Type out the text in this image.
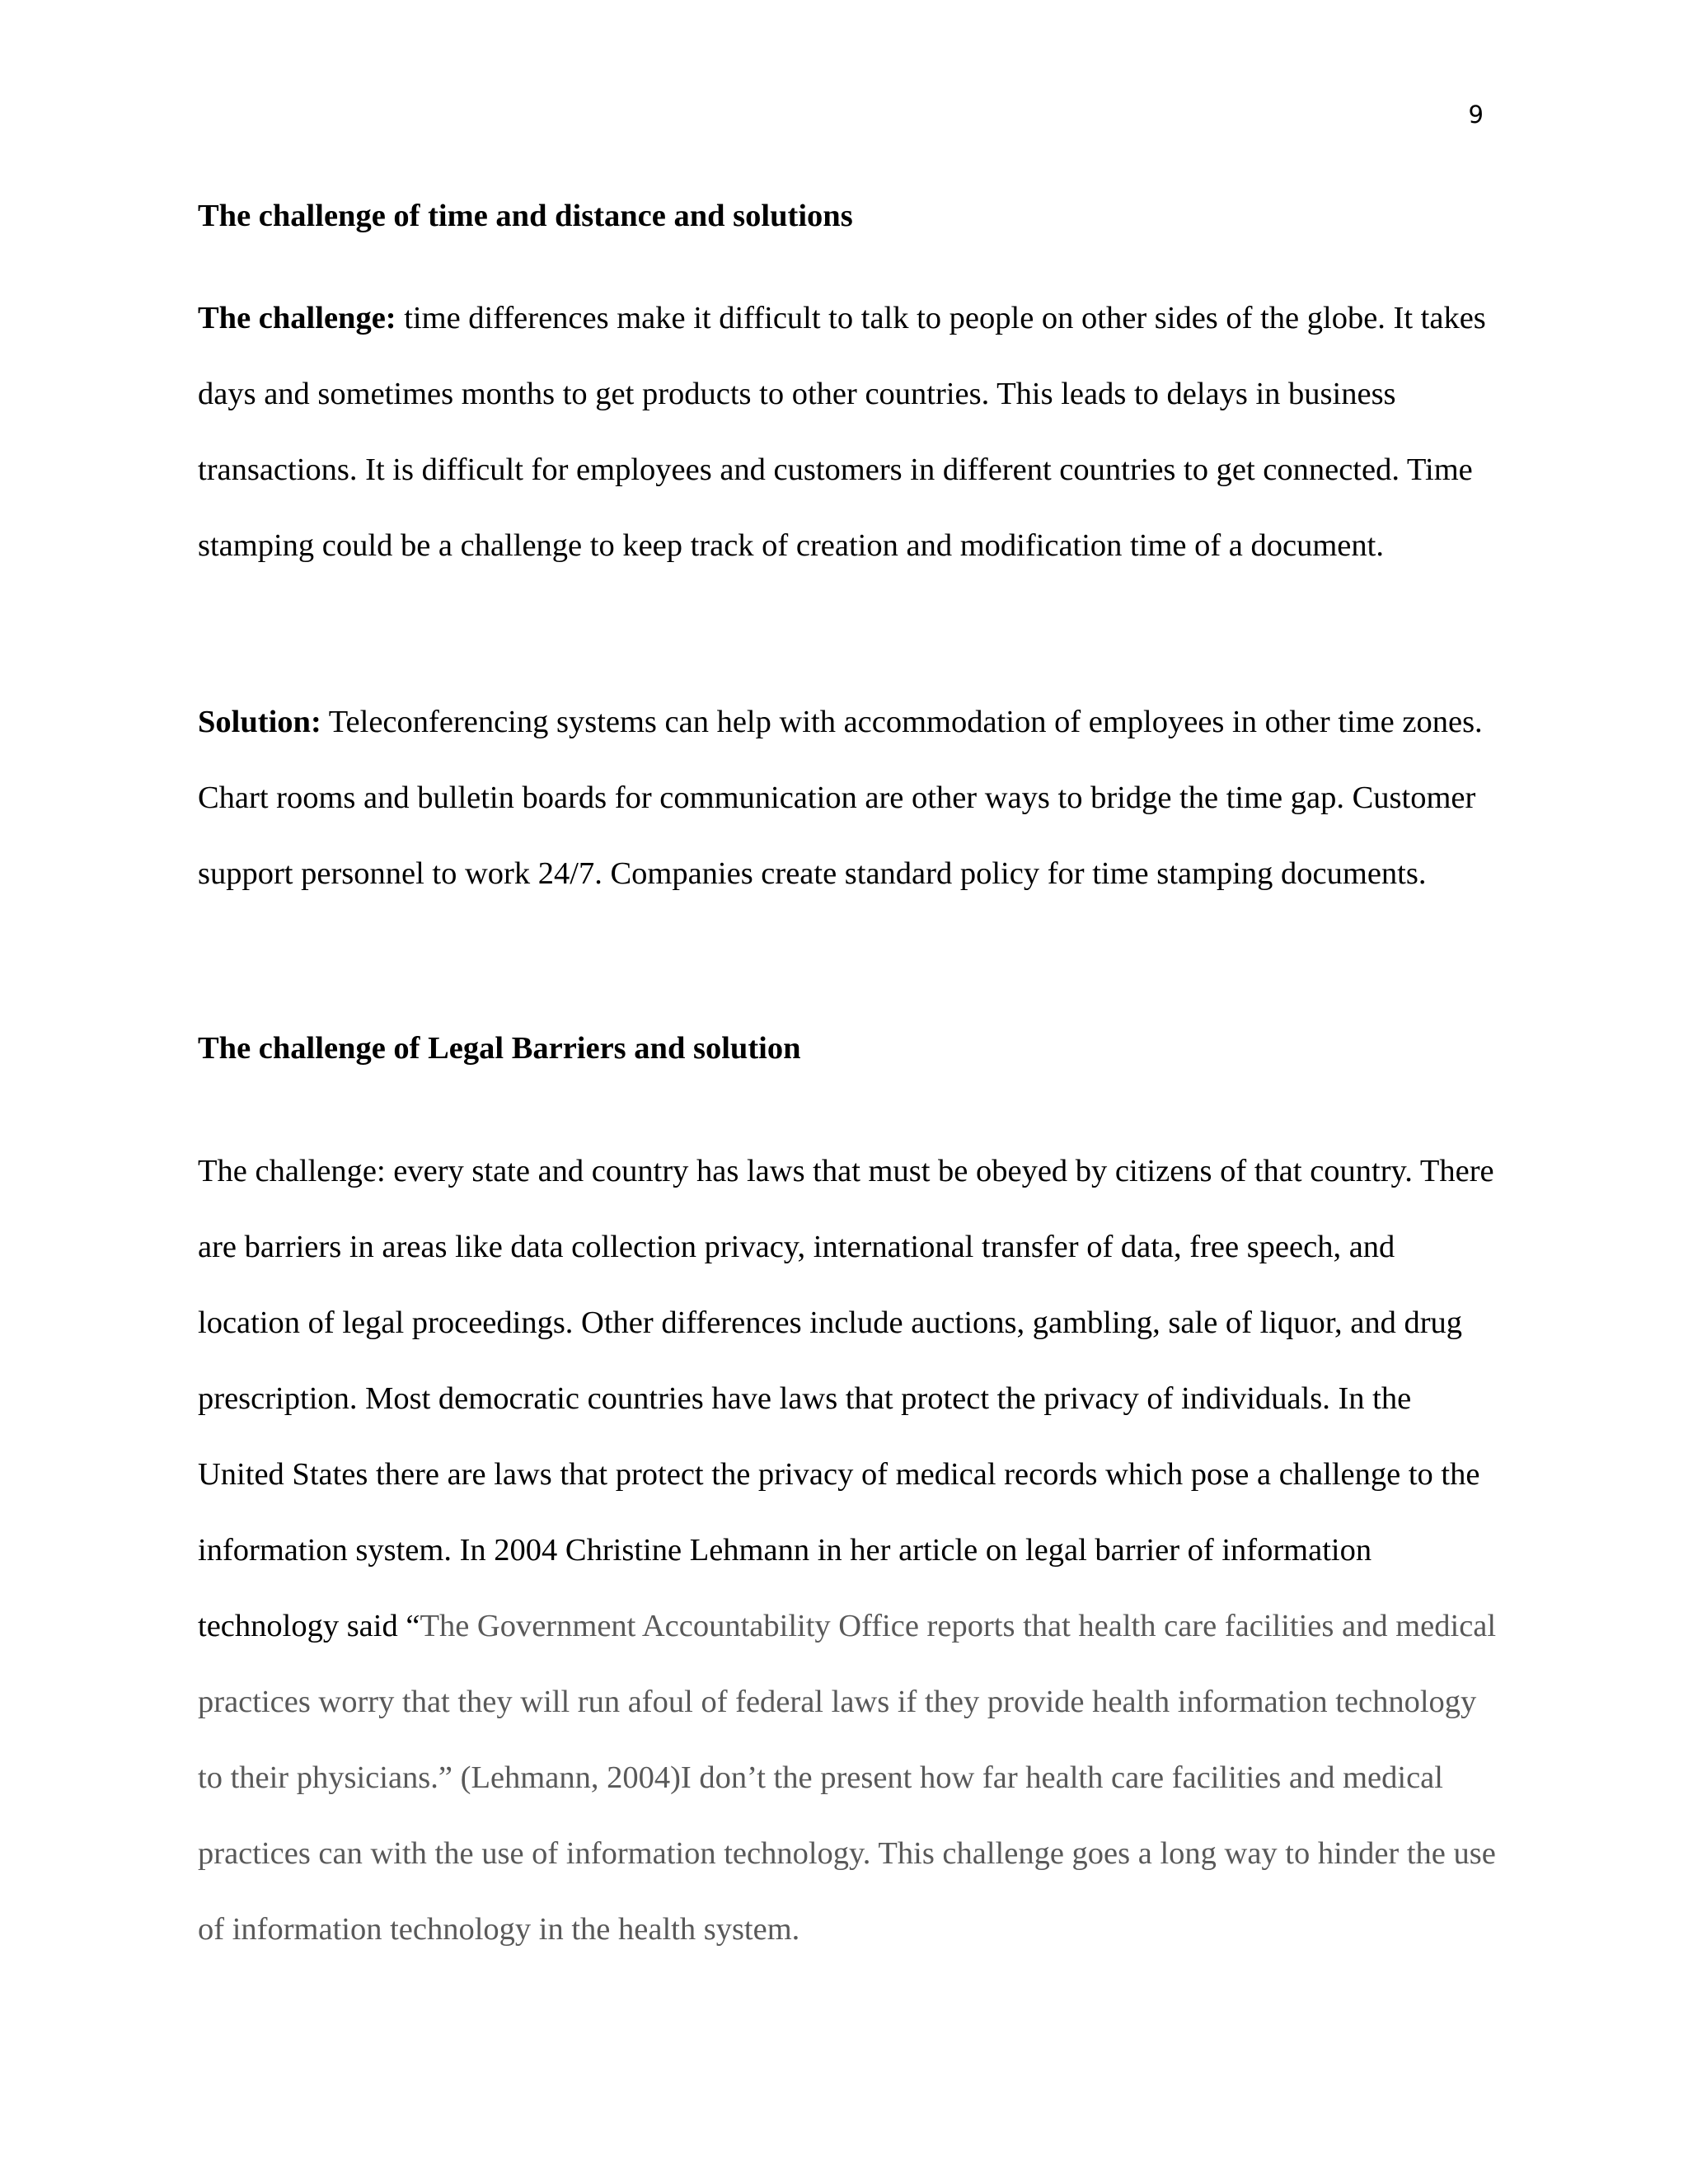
9
The challenge of time and distance and solutions

The challenge: time differences make it difficult to talk to people on other sides of the globe. It takes days and sometimes months to get products to other countries. This leads to delays in business transactions. It is difficult for employees and customers in different countries to get connected. Time stamping could be a challenge to keep track of creation and modification time of a document.

Solution: Teleconferencing systems can help with accommodation of employees in other time zones. Chart rooms and bulletin boards for communication are other ways to bridge the time gap. Customer support personnel to work 24/7. Companies create standard policy for time stamping documents.

The challenge of Legal Barriers and solution

The challenge: every state and country has laws that must be obeyed by citizens of that country. There are barriers in areas like data collection privacy, international transfer of data, free speech, and location of legal proceedings. Other differences include auctions, gambling, sale of liquor, and drug prescription. Most democratic countries have laws that protect the privacy of individuals. In the United States there are laws that protect the privacy of medical records which pose a challenge to the information system. In 2004 Christine Lehmann in her article on legal barrier of information technology said “The Government Accountability Office reports that health care facilities and medical practices worry that they will run afoul of federal laws if they provide health information technology to their physicians.” (Lehmann, 2004)I don’t the present how far health care facilities and medical practices can with the use of information technology. This challenge goes a long way to hinder the use of information technology in the health system.
